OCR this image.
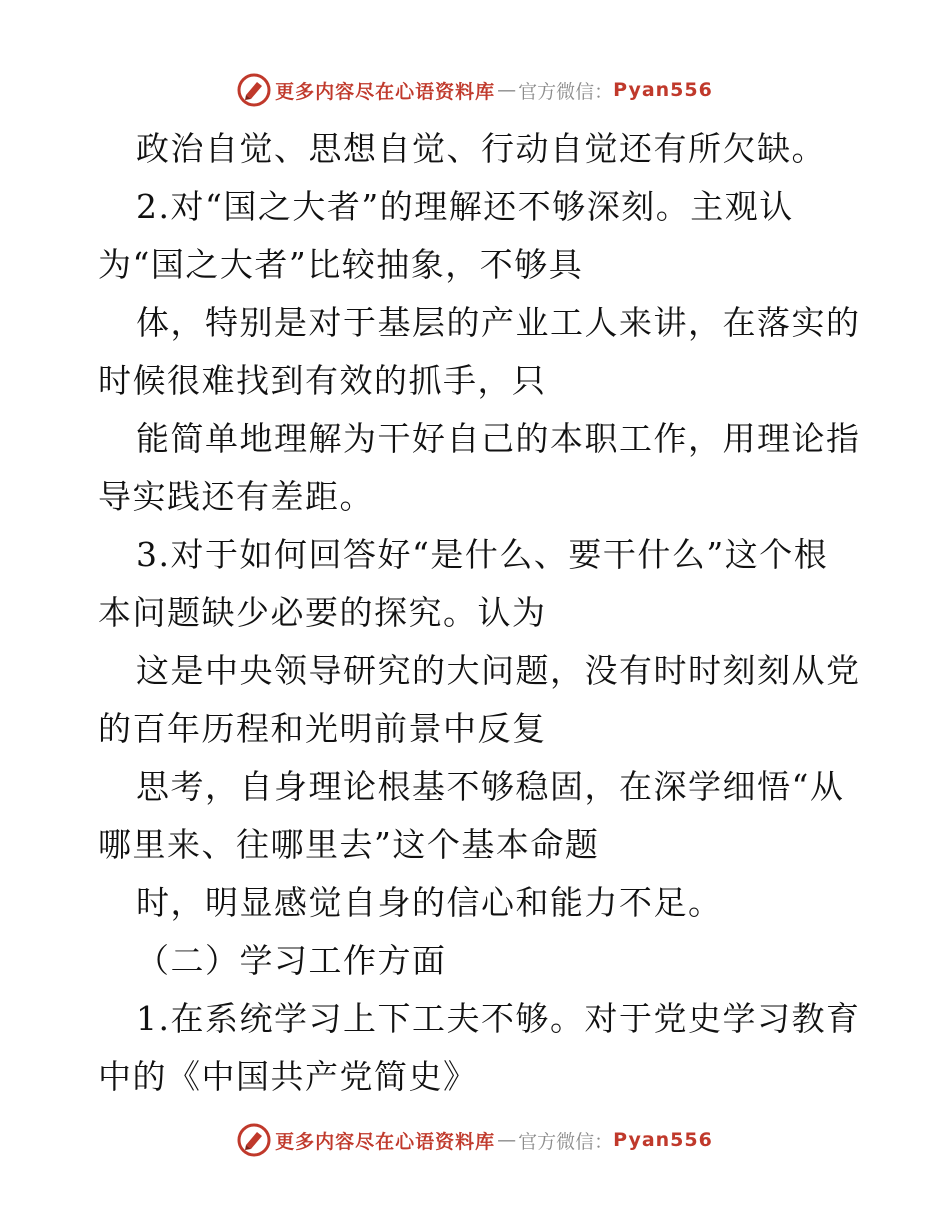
更多内容尽在心语资料库 — 官方微信： Pyan556
政治自觉、思想自觉、行动自觉还有所欠缺。
2.对“国之大者”的理解还不够深刻。主观认
为“国之大者”比较抽象，不够具
体，特别是对于基层的产业工人来讲，在落实的
时候很难找到有效的抓手，只
能简单地理解为干好自己的本职工作，用理论指
导实践还有差距。
3.对于如何回答好“是什么、要干什么”这个根
本问题缺少必要的探究。认为
这是中央领导研究的大问题，没有时时刻刻从党
的百年历程和光明前景中反复
思考，自身理论根基不够稳固，在深学细悟“从
哪里来、往哪里去”这个基本命题
时，明显感觉自身的信心和能力不足。
（二）学习工作方面
1.在系统学习上下工夫不够。对于党史学习教育
中的《中国共产党简史》
更多内容尽在心语资料库 — 官方微信： Pyan556
